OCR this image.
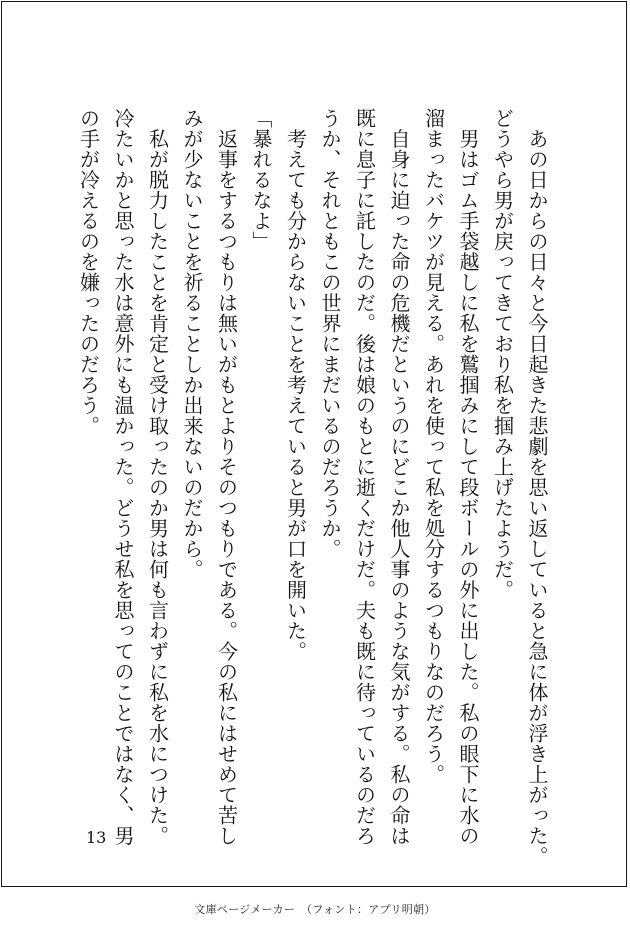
　あの日からの日々と今日起きた悲劇を思い返していると急に体が浮き上がった。
どうやら男が戻ってきており私を掴み上げたようだ。
　男はゴム手袋越しに私を鷲掴みにして段ボールの外に出した。私の眼下に水の
溜まったバケツが見える。あれを使って私を処分するつもりなのだろう。
　自身に迫った命の危機だというのにどこか他人事のような気がする。私の命は
既に息子に託したのだ。後は娘のもとに逝くだけだ。夫も既に待っているのだろ
うか、それともこの世界にまだいるのだろうか。
　考えても分からないことを考えていると男が口を開いた。
「暴れるなよ」
　返事をするつもりは無いがもとよりそのつもりである。今の私にはせめて苦し
みが少ないことを祈ることしか出来ないのだから。
　私が脱力したことを肯定と受け取ったのか男は何も言わずに私を水につけた。
冷たいかと思った水は意外にも温かった。どうせ私を思ってのことではなく、男
の手が冷えるのを嫌ったのだろう。
13
文庫ページメーカー　（フォント：アプリ明朝）
